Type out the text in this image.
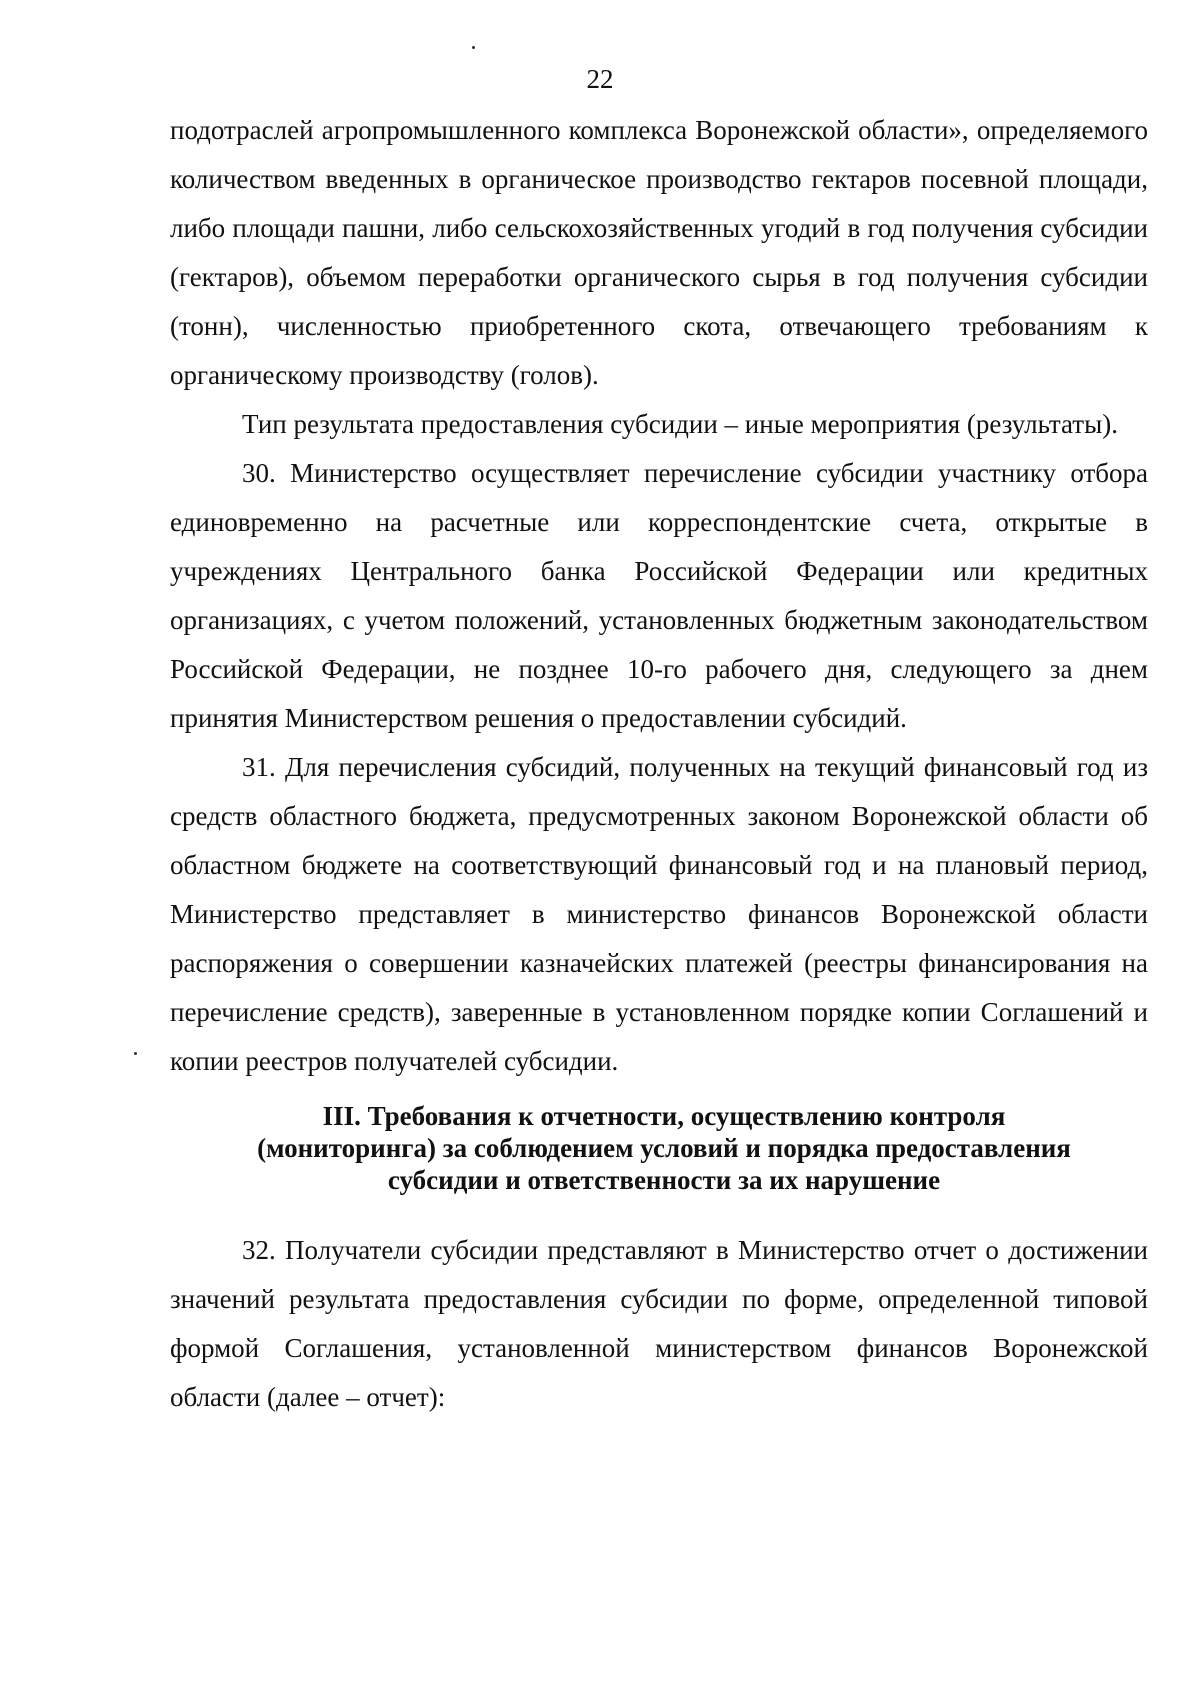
22

подотраслей агропромышленного комплекса Воронежской области», определяемого количеством введенных в органическое производство гектаров посевной площади, либо площади пашни, либо сельскохозяйственных угодий в год получения субсидии (гектаров), объемом переработки органического сырья в год получения субсидии (тонн), численностью приобретенного скота, отвечающего требованиям к органическому производству (голов).

Тип результата предоставления субсидии – иные мероприятия (результаты).

30. Министерство осуществляет перечисление субсидии участнику отбора единовременно на расчетные или корреспондентские счета, открытые в учреждениях Центрального банка Российской Федерации или кредитных организациях, с учетом положений, установленных бюджетным законодательством Российской Федерации, не позднее 10-го рабочего дня, следующего за днем принятия Министерством решения о предоставлении субсидий.

31. Для перечисления субсидий, полученных на текущий финансовый год из средств областного бюджета, предусмотренных законом Воронежской области об областном бюджете на соответствующий финансовый год и на плановый период, Министерство представляет в министерство финансов Воронежской области распоряжения о совершении казначейских платежей (реестры финансирования на перечисление средств), заверенные в установленном порядке копии Соглашений и копии реестров получателей субсидии.

III. Требования к отчетности, осуществлению контроля
(мониторинга) за соблюдением условий и порядка предоставления
субсидии и ответственности за их нарушение

32. Получатели субсидии представляют в Министерство отчет о достижении значений результата предоставления субсидии по форме, определенной типовой формой Соглашения, установленной министерством финансов Воронежской области (далее – отчет):
